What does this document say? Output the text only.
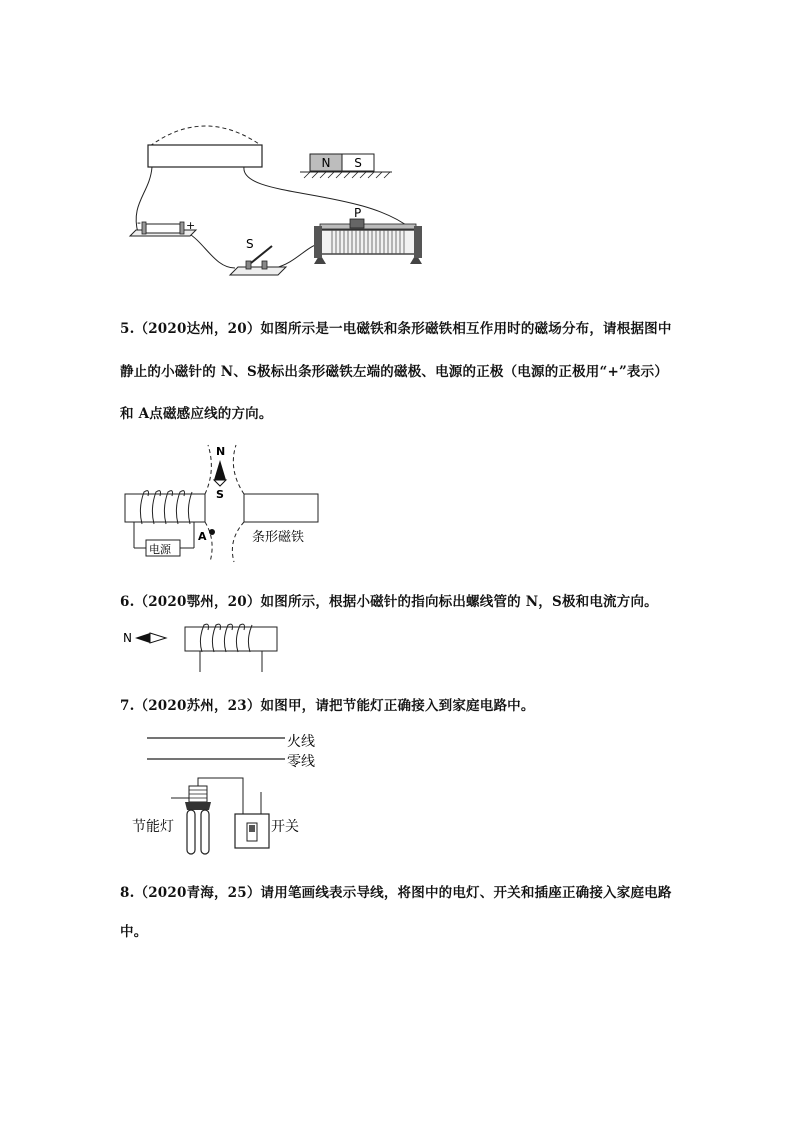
N S
-	+
S
P
5.（2020达州，20）如图所示是一电磁铁和条形磁铁相互作用时的磁场分布，请根据图中
静止的小磁针的 N、S极标出条形磁铁左端的磁极、电源的正极（电源的正极用“+”表示）
和 A点磁感应线的方向。
N
S
电源
A	条形磁铁
6.（2020鄂州，20）如图所示，根据小磁针的指向标出螺线管的 N，S极和电流方向。
N
7.（2020苏州，23）如图甲，请把节能灯正确接入到家庭电路中。
火线
零线
节能灯	开关
8.（2020青海，25）请用笔画线表示导线，将图中的电灯、开关和插座正确接入家庭电路
中。
